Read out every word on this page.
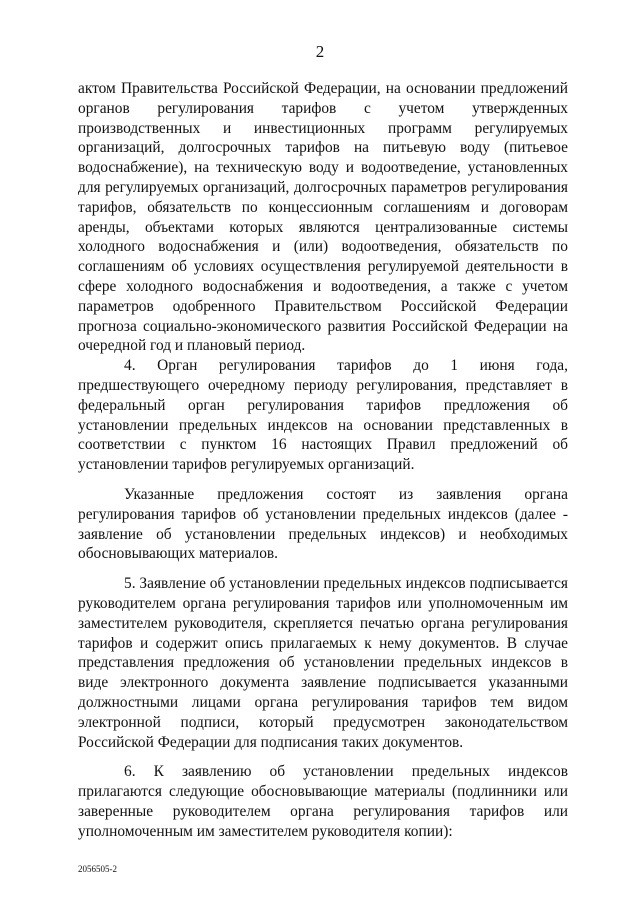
2

актом Правительства Российской Федерации, на основании предложений органов регулирования тарифов с учетом утвержденных производственных и инвестиционных программ регулируемых организаций, долгосрочных тарифов на питьевую воду (питьевое водоснабжение), на техническую воду и водоотведение, установленных для регулируемых организаций, долгосрочных параметров регулирования тарифов, обязательств по концессионным соглашениям и договорам аренды, объектами которых являются централизованные системы холодного водоснабжения и (или) водоотведения, обязательств по соглашениям об условиях осуществления регулируемой деятельности в сфере холодного водоснабжения и водоотведения, а также с учетом параметров одобренного Правительством Российской Федерации прогноза социально-экономического развития Российской Федерации на очередной год и плановый период.

4. Орган регулирования тарифов до 1 июня года, предшествующего очередному периоду регулирования, представляет в федеральный орган регулирования тарифов предложения об установлении предельных индексов на основании представленных в соответствии с пунктом 16 настоящих Правил предложений об установлении тарифов регулируемых организаций.

Указанные предложения состоят из заявления органа регулирования тарифов об установлении предельных индексов (далее - заявление об установлении предельных индексов) и необходимых обосновывающих материалов.

5. Заявление об установлении предельных индексов подписывается руководителем органа регулирования тарифов или уполномоченным им заместителем руководителя, скрепляется печатью органа регулирования тарифов и содержит опись прилагаемых к нему документов. В случае представления предложения об установлении предельных индексов в виде электронного документа заявление подписывается указанными должностными лицами органа регулирования тарифов тем видом электронной подписи, который предусмотрен законодательством Российской Федерации для подписания таких документов.

6. К заявлению об установлении предельных индексов прилагаются следующие обосновывающие материалы (подлинники или заверенные руководителем органа регулирования тарифов или уполномоченным им заместителем руководителя копии):

2056505-2
